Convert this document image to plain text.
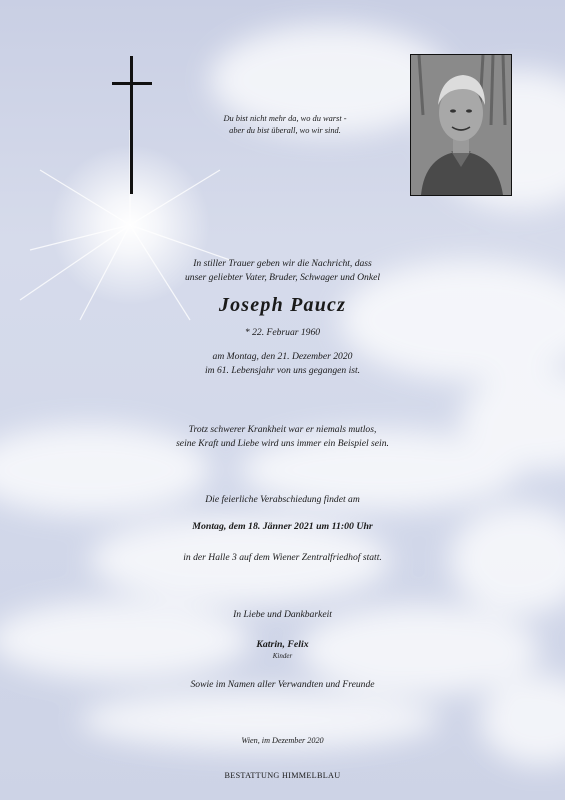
Du bist nicht mehr da, wo du warst -
aber du bist überall, wo wir sind.
In stiller Trauer geben wir die Nachricht, dass
unser geliebter Vater, Bruder, Schwager und Onkel
Joseph Paucz
* 22. Februar 1960
am Montag, den 21. Dezember 2020
im 61. Lebensjahr von uns gegangen ist.
Trotz schwerer Krankheit war er niemals mutlos,
seine Kraft und Liebe wird uns immer ein Beispiel sein.
Die feierliche Verabschiedung findet am
Montag, dem 18. Jänner 2021 um 11:00 Uhr
in der Halle 3 auf dem Wiener Zentralfriedhof statt.
In Liebe und Dankbarkeit
Katrin, Felix
Kinder
Sowie im Namen aller Verwandten und Freunde
Wien, im Dezember 2020
BESTATTUNG HIMMELBLAU
